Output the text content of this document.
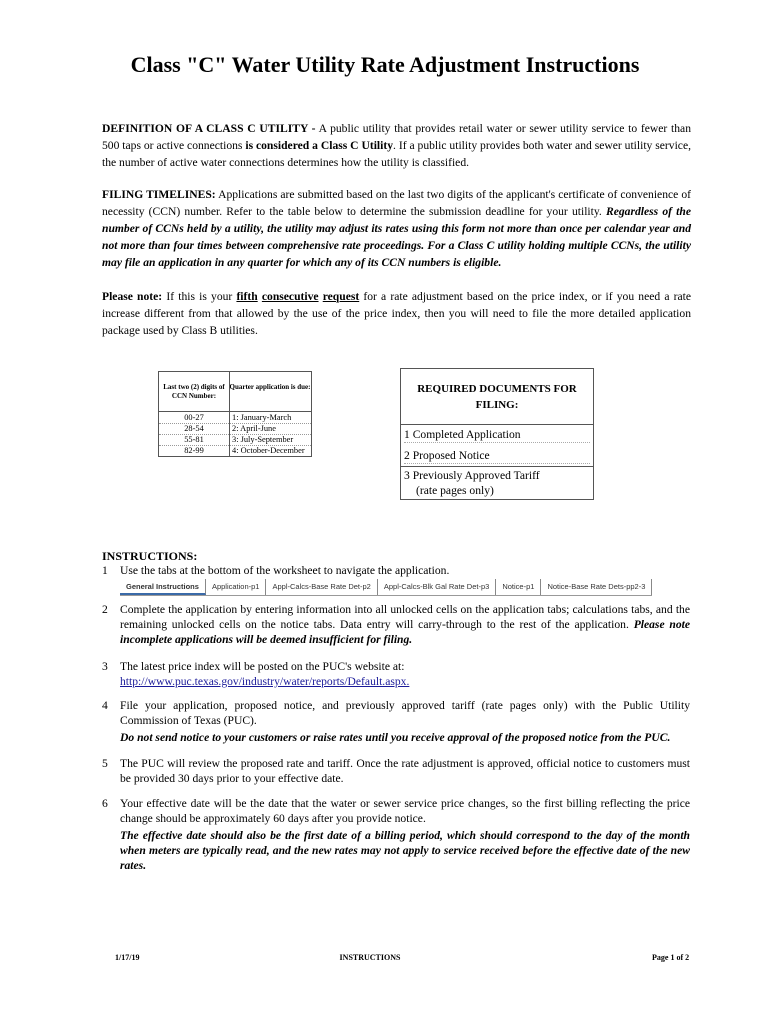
Class "C" Water Utility Rate Adjustment Instructions
DEFINITION OF A CLASS C UTILITY - A public utility that provides retail water or sewer utility service to fewer than 500 taps or active connections is considered a Class C Utility. If a public utility provides both water and sewer utility service, the number of active water connections determines how the utility is classified.
FILING TIMELINES: Applications are submitted based on the last two digits of the applicant's certificate of convenience of necessity (CCN) number. Refer to the table below to determine the submission deadline for your utility. Regardless of the number of CCNs held by a utility, the utility may adjust its rates using this form not more than once per calendar year and not more than four times between comprehensive rate proceedings. For a Class C utility holding multiple CCNs, the utility may file an application in any quarter for which any of its CCN numbers is eligible.
Please note: If this is your fifth consecutive request for a rate adjustment based on the price index, or if you need a rate increase different from that allowed by the use of the price index, then you will need to file the more detailed application package used by Class B utilities.
Last two (2) digits of CCN Number:
Quarter application is due:
00-27	1: January-March
28-54	2: April-June
55-81	3: July-September
82-99	4: October-December
REQUIRED DOCUMENTS FOR FILING:
1 Completed Application
2 Proposed Notice
3 Previously Approved Tariff
(rate pages only)
INSTRUCTIONS:
1	Use the tabs at the bottom of the worksheet to navigate the application.
General Instructions	Application-p1	Appl-Calcs-Base Rate Det-p2	Appl-Calcs-Blk Gal Rate Det-p3	Notice-p1	Notice-Base Rate Dets-pp2-3
2	Complete the application by entering information into all unlocked cells on the application tabs; calculations tabs, and the remaining unlocked cells on the notice tabs. Data entry will carry-through to the rest of the application. Please note incomplete applications will be deemed insufficient for filing.
3	The latest price index will be posted on the PUC's website at:
http://www.puc.texas.gov/industry/water/reports/Default.aspx.
4	File your application, proposed notice, and previously approved tariff (rate pages only) with the Public Utility Commission of Texas (PUC).
Do not send notice to your customers or raise rates until you receive approval of the proposed notice from the PUC.
5	The PUC will review the proposed rate and tariff. Once the rate adjustment is approved, official notice to customers must be provided 30 days prior to your effective date.
6	Your effective date will be the date that the water or sewer service price changes, so the first billing reflecting the price change should be approximately 60 days after you provide notice.
The effective date should also be the first date of a billing period, which should correspond to the day of the month when meters are typically read, and the new rates may not apply to service received before the effective date of the new rates.
1/17/19	INSTRUCTIONS	Page 1 of 2
